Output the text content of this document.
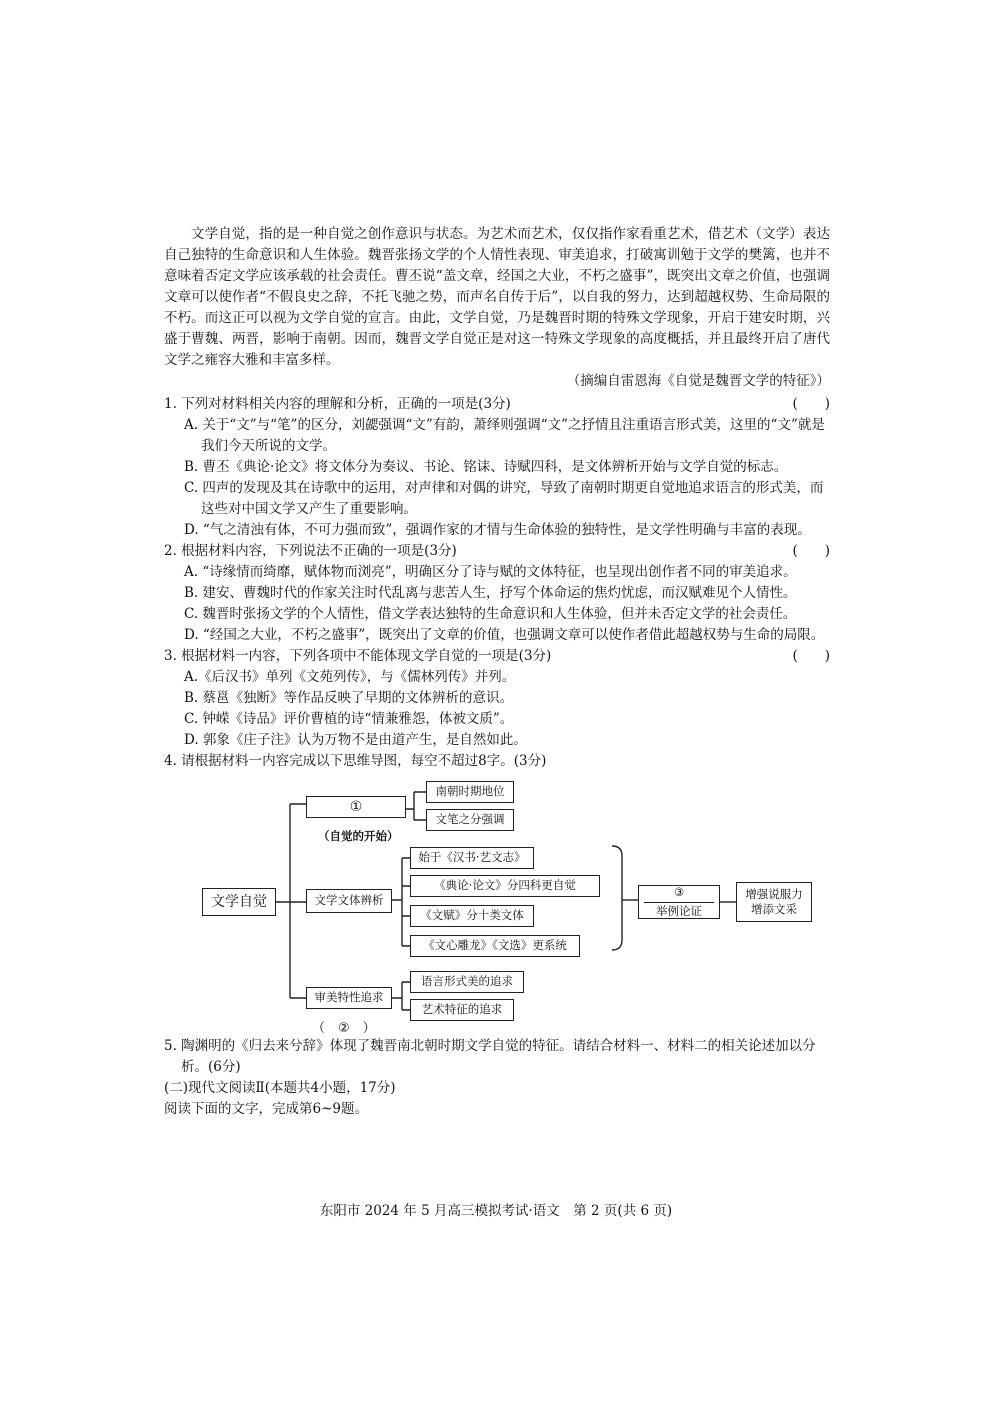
文学自觉，指的是一种自觉之创作意识与状态。为艺术而艺术，仅仅指作家看重艺术，借艺术（文学）表达自己独特的生命意识和人生体验。魏晋张扬文学的个人情性表现、审美追求，打破寓训勉于文学的樊篱，也并不意味着否定文学应该承载的社会责任。曹丕说“盖文章，经国之大业，不朽之盛事”，既突出文章之价值，也强调文章可以使作者“不假良史之辞，不托飞驰之势，而声名自传于后”，以自我的努力，达到超越权势、生命局限的不朽。而这正可以视为文学自觉的宣言。由此，文学自觉，乃是魏晋时期的特殊文学现象，开启于建安时期，兴盛于曹魏、两晋，影响于南朝。因而，魏晋文学自觉正是对这一特殊文学现象的高度概括，并且最终开启了唐代文学之雍容大雅和丰富多样。

（摘编自雷恩海《自觉是魏晋文学的特征》）

1. 下列对材料相关内容的理解和分析，正确的一项是(3分)	(　　)

A. 关于“文”与“笔”的区分，刘勰强调“文”有韵，萧绎则强调“文”之抒情且注重语言形式美，这里的“文”就是我们今天所说的文学。

B. 曹丕《典论·论文》将文体分为奏议、书论、铭诔、诗赋四科，是文体辨析开始与文学自觉的标志。

C. 四声的发现及其在诗歌中的运用，对声律和对偶的讲究，导致了南朝时期更自觉地追求语言的形式美，而这些对中国文学又产生了重要影响。

D. “气之清浊有体，不可力强而致”，强调作家的才情与生命体验的独特性，是文学性明确与丰富的表现。

2. 根据材料内容，下列说法不正确的一项是(3分)	(　　)

A. “诗缘情而绮靡，赋体物而浏亮”，明确区分了诗与赋的文体特征，也呈现出创作者不同的审美追求。

B. 建安、曹魏时代的作家关注时代乱离与悲苦人生，抒写个体命运的焦灼忧虑，而汉赋难见个人情性。

C. 魏晋时张扬文学的个人情性，借文学表达独特的生命意识和人生体验，但并未否定文学的社会责任。

D. “经国之大业，不朽之盛事”，既突出了文章的价值，也强调文章可以使作者借此超越权势与生命的局限。

3. 根据材料一内容，下列各项中不能体现文学自觉的一项是(3分)	(　　)

A.《后汉书》单列《文苑列传》，与《儒林列传》并列。

B. 蔡邕《独断》等作品反映了早期的文体辨析的意识。

C. 钟嵘《诗品》评价曹植的诗“情兼雅怨，体被文质”。

D. 郭象《庄子注》认为万物不是由道产生，是自然如此。

4. 请根据材料一内容完成以下思维导图，每空不超过8字。(3分)

文学自觉
①
（自觉的开始）
南朝时期地位
文笔之分强调
文学文体辨析
始于《汉书·艺文志》
《典论·论文》分四科更自觉
《文赋》分十类文体
《文心雕龙》《文选》更系统
③
举例论证
增强说服力
增添文采
审美特性追求
语言形式美的追求
艺术特征的追求
（　②　）

5. 陶渊明的《归去来兮辞》体现了魏晋南北朝时期文学自觉的特征。请结合材料一、材料二的相关论述加以分析。(6分)

(二)现代文阅读Ⅱ(本题共4小题，17分)

阅读下面的文字，完成第6~9题。

东阳市 2024 年 5 月高三模拟考试·语文　第 2 页(共 6 页)
